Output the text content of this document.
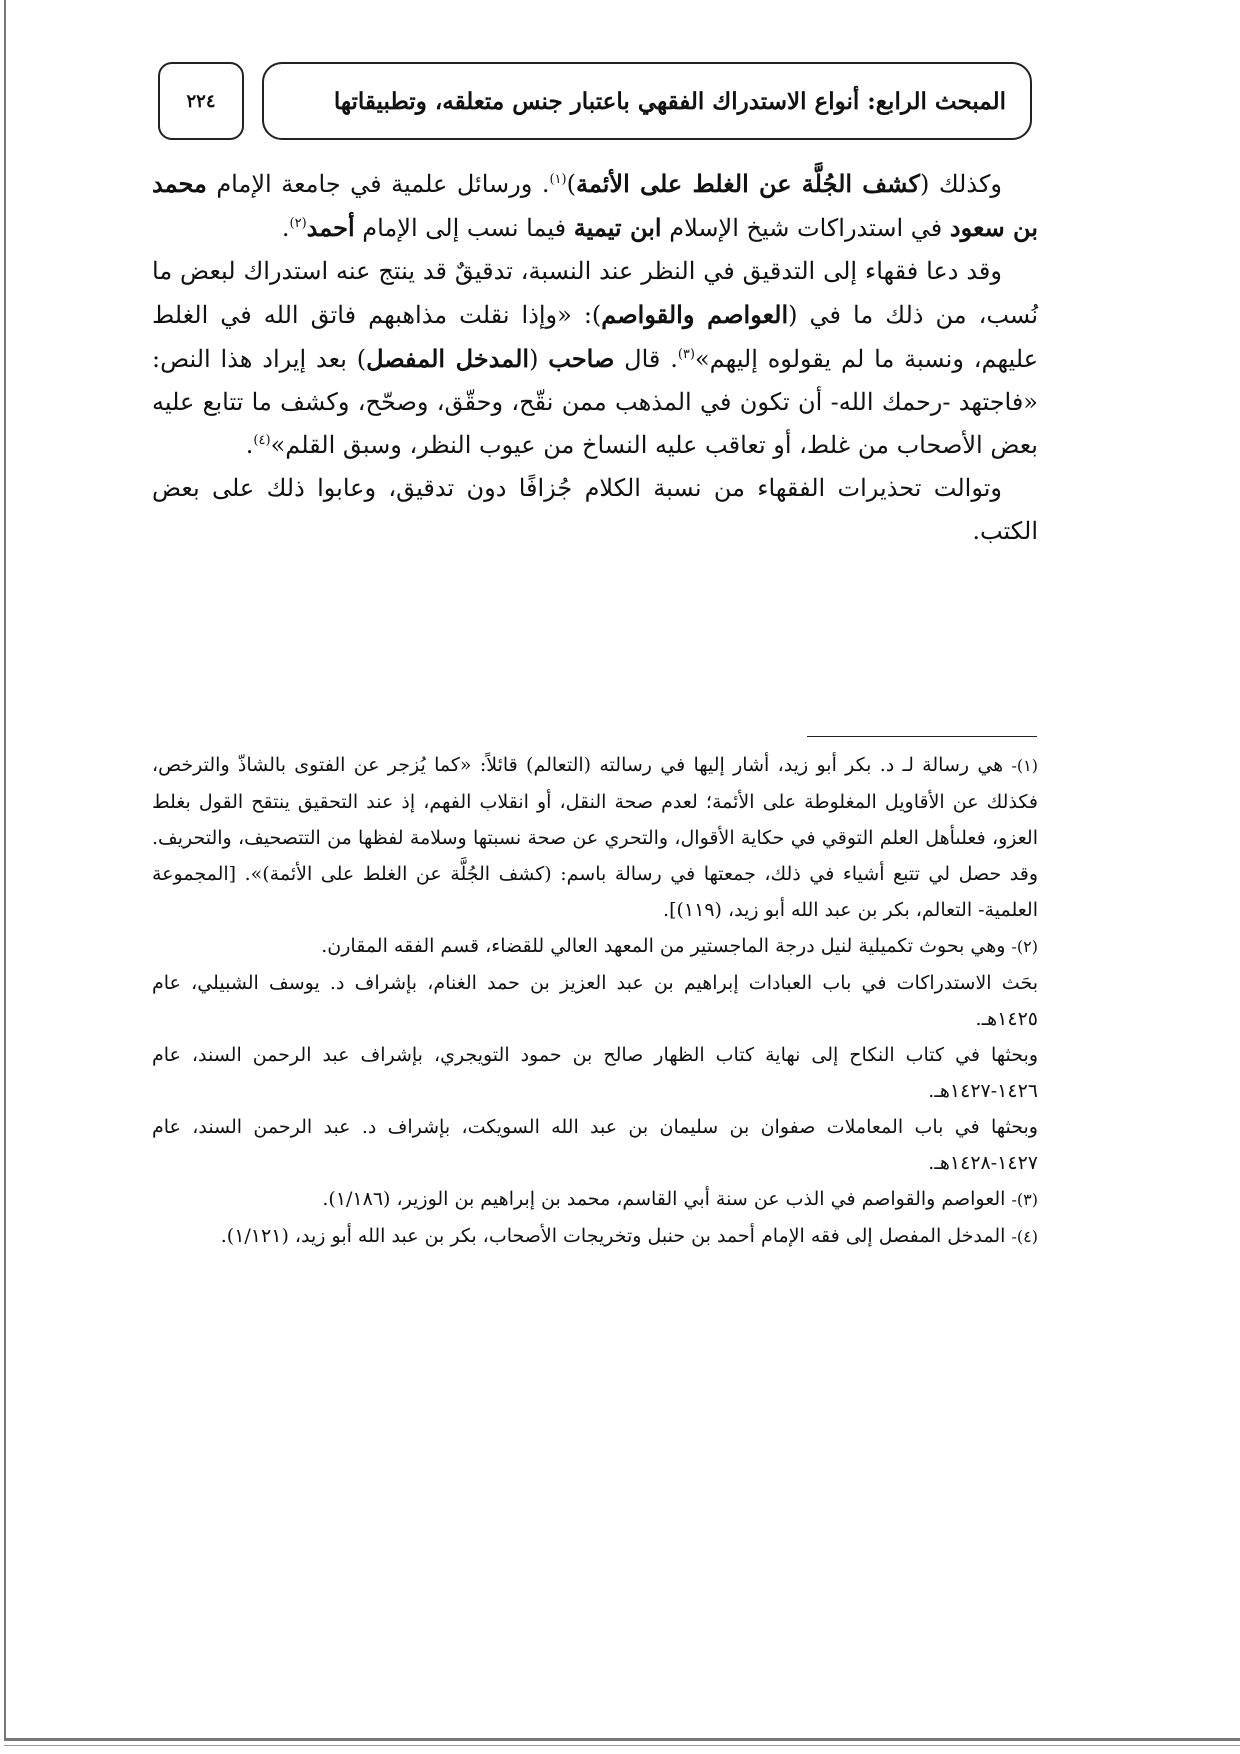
المبحث الرابع: أنواع الاستدراك الفقهي باعتبار جنس متعلقه، وتطبيقاتها
٢٢٤

وكذلك (كشف الجُلَّة عن الغلط على الأئمة)$^{(١)}$. ورسائل علمية في جامعة الإمام محمد بن سعود في استدراكات شيخ الإسلام ابن تيمية فيما نسب إلى الإمام أحمد$^{(٢)}$.

وقد دعا فقهاء إلى التدقيق في النظر عند النسبة، تدقيقٌ قد ينتج عنه استدراك لبعض ما نُسب، من ذلك ما في (العواصم والقواصم): «وإذا نقلت مذاهبهم فاتق الله في الغلط عليهم، ونسبة ما لم يقولوه إليهم»$^{(٣)}$. قال صاحب (المدخل المفصل) بعد إيراد هذا النص: «فاجتهد -رحمك الله- أن تكون في المذهب ممن نقّح، وحقّق، وصحّح، وكشف ما تتابع عليه بعض الأصحاب من غلط، أو تعاقب عليه النساخ من عيوب النظر، وسبق القلم»$^{(٤)}$.

وتوالت تحذيرات الفقهاء من نسبة الكلام جُزافًا دون تدقيق، وعابوا ذلك على بعض الكتب.

(١)- هي رسالة لـ د. بكر أبو زيد، أشار إليها في رسالته (التعالم) قائلاً: «كما يُزجر عن الفتوى بالشاذّ والترخص، فكذلك عن الأقاويل المغلوطة على الأئمة؛ لعدم صحة النقل، أو انقلاب الفهم، إذ عند التحقيق ينتقح القول بغلط العزو، فعلىأهل العلم التوقي في حكاية الأقوال، والتحري عن صحة نسبتها وسلامة لفظها من التتصحيف، والتحريف. وقد حصل لي تتبع أشياء في ذلك، جمعتها في رسالة باسم: (كشف الجُلَّة عن الغلط على الأئمة)». [المجموعة العلمية- التعالم، بكر بن عبد الله أبو زيد، (١١٩)].

(٢)- وهي بحوث تكميلية لنيل درجة الماجستير من المعهد العالي للقضاء، قسم الفقه المقارن.

بحَث الاستدراكات في باب العبادات إبراهيم بن عبد العزيز بن حمد الغنام، بإشراف د. يوسف الشبيلي، عام ١٤٢٥هـ.

وبحثها في كتاب النكاح إلى نهاية كتاب الظهار صالح بن حمود التويجري، بإشراف عبد الرحمن السند، عام ١٤٢٦-١٤٢٧هـ.

وبحثها في باب المعاملات صفوان بن سليمان بن عبد الله السويكت، بإشراف د. عبد الرحمن السند، عام ١٤٢٧-١٤٢٨هـ.

(٣)- العواصم والقواصم في الذب عن سنة أبي القاسم، محمد بن إبراهيم بن الوزير، (١/١٨٦).

(٤)- المدخل المفصل إلى فقه الإمام أحمد بن حنبل وتخريجات الأصحاب، بكر بن عبد الله أبو زيد، (١/١٢١).
